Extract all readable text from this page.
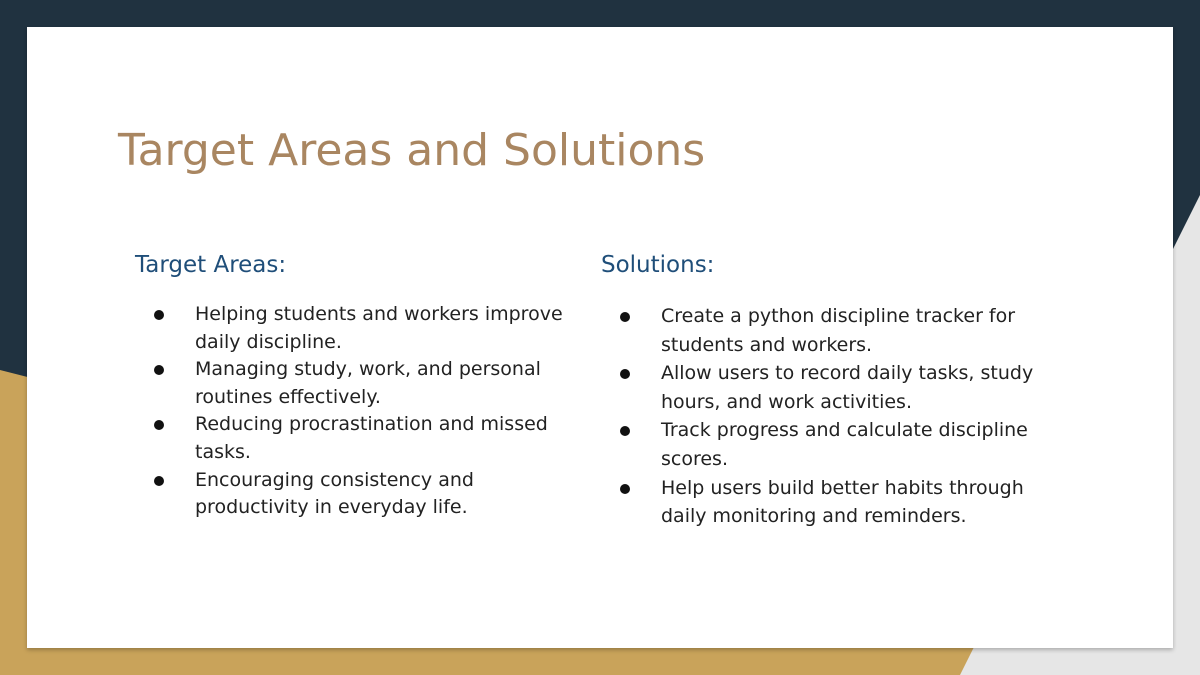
Target Areas and Solutions
Target Areas:
Helping students and workers improve daily discipline.
Managing study, work, and personal routines effectively.
Reducing procrastination and missed tasks.
Encouraging consistency and productivity in everyday life.
Solutions:
Create a python discipline tracker for students and workers.
Allow users to record daily tasks, study hours, and work activities.
Track progress and calculate discipline scores.
Help users build better habits through daily monitoring and reminders.
